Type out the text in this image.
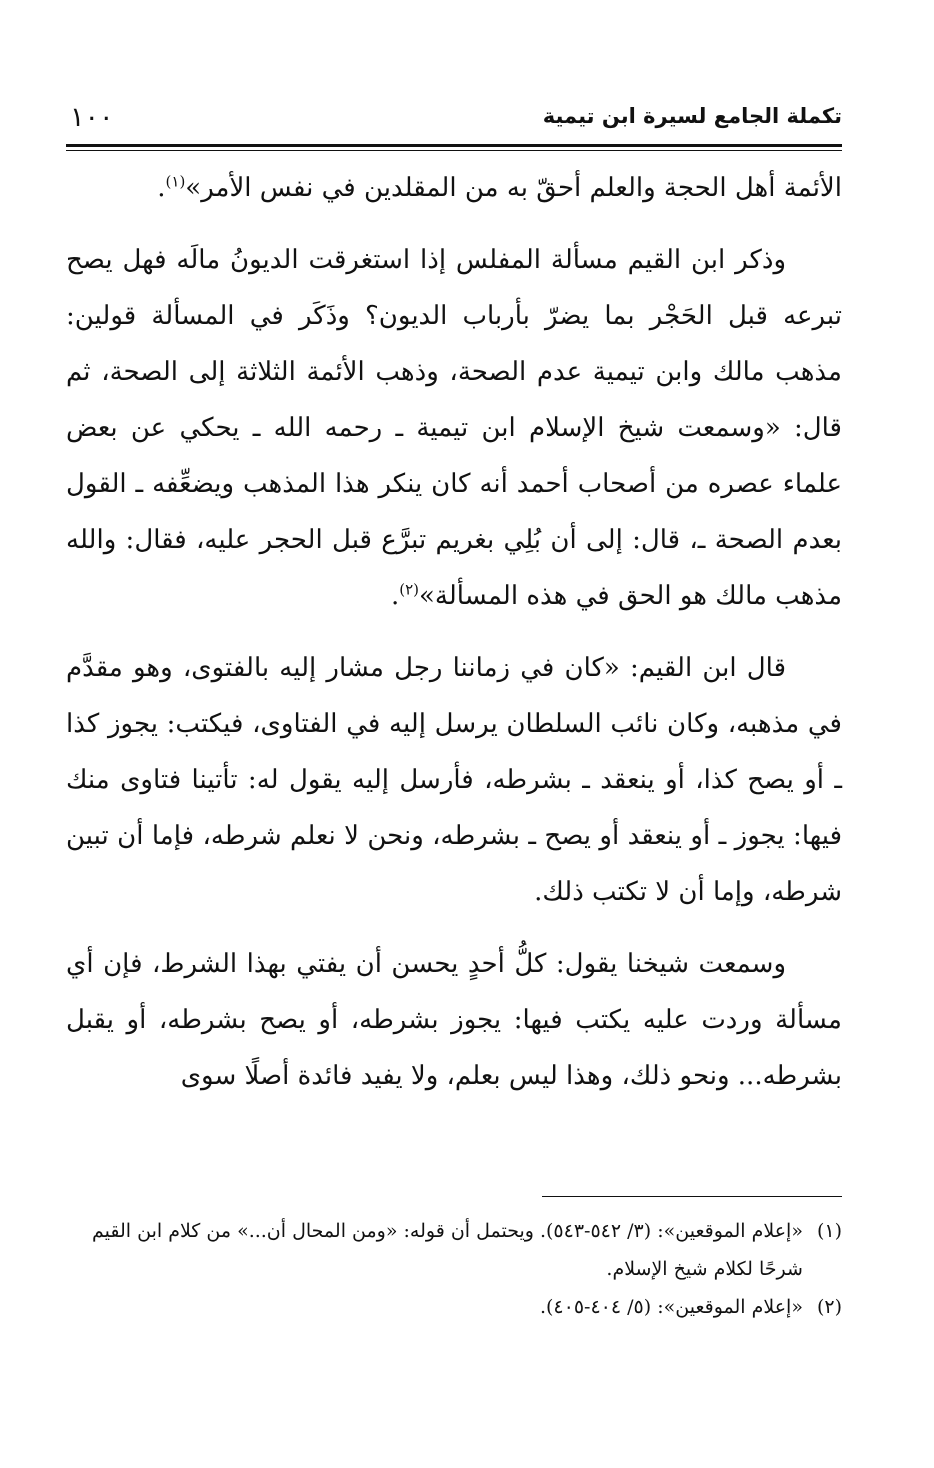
تكملة الجامع لسيرة ابن تيمية
١٠٠

الأئمة أهل الحجة والعلم أحقّ به من المقلدين في نفس الأمر»$^{(١)}$.

وذكر ابن القيم مسألة المفلس إذا استغرقت الديونُ مالَه فهل يصح تبرعه قبل الحَجْر بما يضرّ بأرباب الديون؟ وذَكَر في المسألة قولين: مذهب مالك وابن تيمية عدم الصحة، وذهب الأئمة الثلاثة إلى الصحة، ثم قال: «وسمعت شيخ الإسلام ابن تيمية ـ رحمه الله ـ يحكي عن بعض علماء عصره من أصحاب أحمد أنه كان ينكر هذا المذهب ويضعِّفه ـ القول بعدم الصحة ـ، قال: إلى أن بُلِي بغريم تبرَّع قبل الحجر عليه، فقال: والله مذهب مالك هو الحق في هذه المسألة»$^{(٢)}$.

قال ابن القيم: «كان في زماننا رجل مشار إليه بالفتوى، وهو مقدَّم في مذهبه، وكان نائب السلطان يرسل إليه في الفتاوى، فيكتب: يجوز كذا ـ أو يصح كذا، أو ينعقد ـ بشرطه، فأرسل إليه يقول له: تأتينا فتاوى منك فيها: يجوز ـ أو ينعقد أو يصح ـ بشرطه، ونحن لا نعلم شرطه، فإما أن تبين شرطه، وإما أن لا تكتب ذلك.

وسمعت شيخنا يقول: كلُّ أحدٍ يحسن أن يفتي بهذا الشرط، فإن أي مسألة وردت عليه يكتب فيها: يجوز بشرطه، أو يصح بشرطه، أو يقبل بشرطه... ونحو ذلك، وهذا ليس بعلم، ولا يفيد فائدة أصلًا سوى

(١)
«إعلام الموقعين»: (٣/ ٥٤٢-٥٤٣). ويحتمل أن قوله: «ومن المحال أن...» من كلام ابن القيم شرحًا لكلام شيخ الإسلام.
(٢)
«إعلام الموقعين»: (٥/ ٤٠٤-٤٠٥).
